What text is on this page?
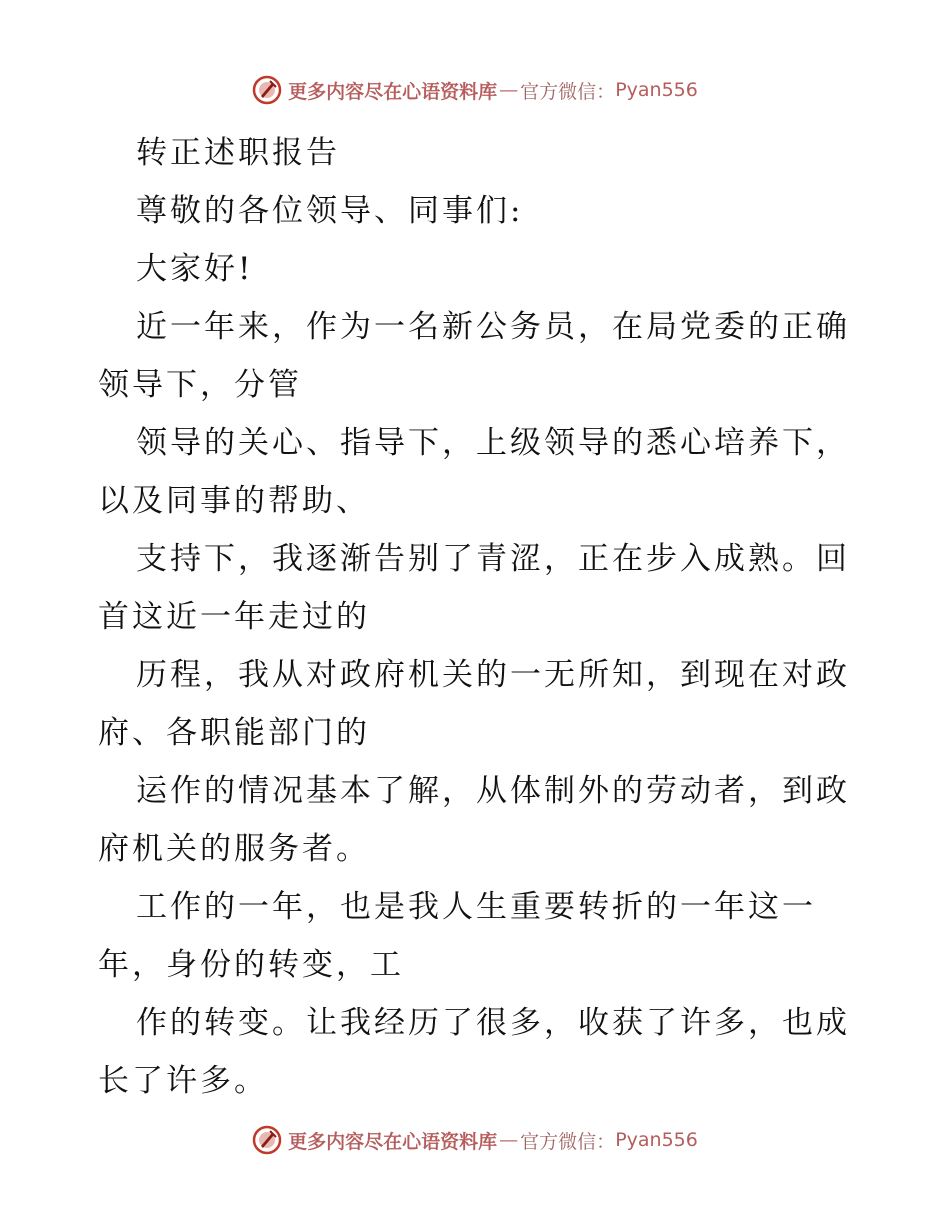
更多内容尽在心语资料库 — 官方微信： Pyan556

转正述职报告

尊敬的各位领导、同事们:

大家好!

近一年来，作为一名新公务员，在局党委的正确领导下，分管

领导的关心、指导下，上级领导的悉心培养下，以及同事的帮助、

支持下，我逐渐告别了青涩，正在步入成熟。回首这近一年走过的

历程，我从对政府机关的一无所知，到现在对政府、各职能部门的

运作的情况基本了解，从体制外的劳动者，到政府机关的服务者。

工作的一年，也是我人生重要转折的一年这一年，身份的转变，工

作的转变。让我经历了很多，收获了许多，也成长了许多。

更多内容尽在心语资料库 — 官方微信： Pyan556
